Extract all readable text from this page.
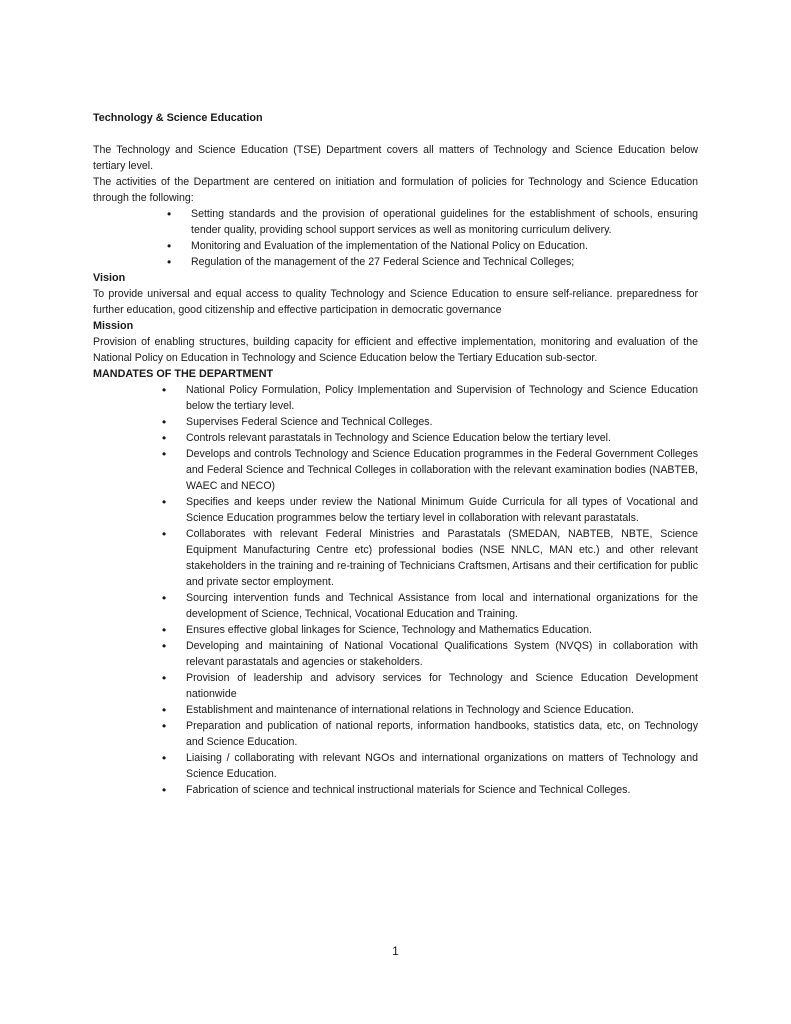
Technology & Science Education

The Technology and Science Education (TSE) Department covers all matters of Technology and Science Education below tertiary level.

The activities of the Department are centered on initiation and formulation of policies for Technology and Science Education through the following:

• Setting standards and the provision of operational guidelines for the establishment of schools, ensuring tender quality, providing school support services as well as monitoring curriculum delivery.
• Monitoring and Evaluation of the implementation of the National Policy on Education.
• Regulation of the management of the 27 Federal Science and Technical Colleges;

Vision

To provide universal and equal access to quality Technology and Science Education to ensure self-reliance. preparedness for further education, good citizenship and effective participation in democratic governance

Mission

Provision of enabling structures, building capacity for efficient and effective implementation, monitoring and evaluation of the National Policy on Education in Technology and Science Education below the Tertiary Education sub-sector.

MANDATES OF THE DEPARTMENT

• National Policy Formulation, Policy Implementation and Supervision of Technology and Science Education below the tertiary level.
• Supervises Federal Science and Technical Colleges.
• Controls relevant parastatals in Technology and Science Education below the tertiary level.
• Develops and controls Technology and Science Education programmes in the Federal Government Colleges and Federal Science and Technical Colleges in collaboration with the relevant examination bodies (NABTEB, WAEC and NECO)
• Specifies and keeps under review the National Minimum Guide Curricula for all types of Vocational and Science Education programmes below the tertiary level in collaboration with relevant parastatals.
• Collaborates with relevant Federal Ministries and Parastatals (SMEDAN, NABTEB, NBTE, Science Equipment Manufacturing Centre etc) professional bodies (NSE NNLC, MAN etc.) and other relevant stakeholders in the training and re-training of Technicians Craftsmen, Artisans and their certification for public and private sector employment.
• Sourcing intervention funds and Technical Assistance from local and international organizations for the development of Science, Technical, Vocational Education and Training.
• Ensures effective global linkages for Science, Technology and Mathematics Education.
• Developing and maintaining of National Vocational Qualifications System (NVQS) in collaboration with relevant parastatals and agencies or stakeholders.
• Provision of leadership and advisory services for Technology and Science Education Development nationwide
• Establishment and maintenance of international relations in Technology and Science Education.
• Preparation and publication of national reports, information handbooks, statistics data, etc, on Technology and Science Education.
• Liaising / collaborating with relevant NGOs and international organizations on matters of Technology and Science Education.
• Fabrication of science and technical instructional materials for Science and Technical Colleges.
1
